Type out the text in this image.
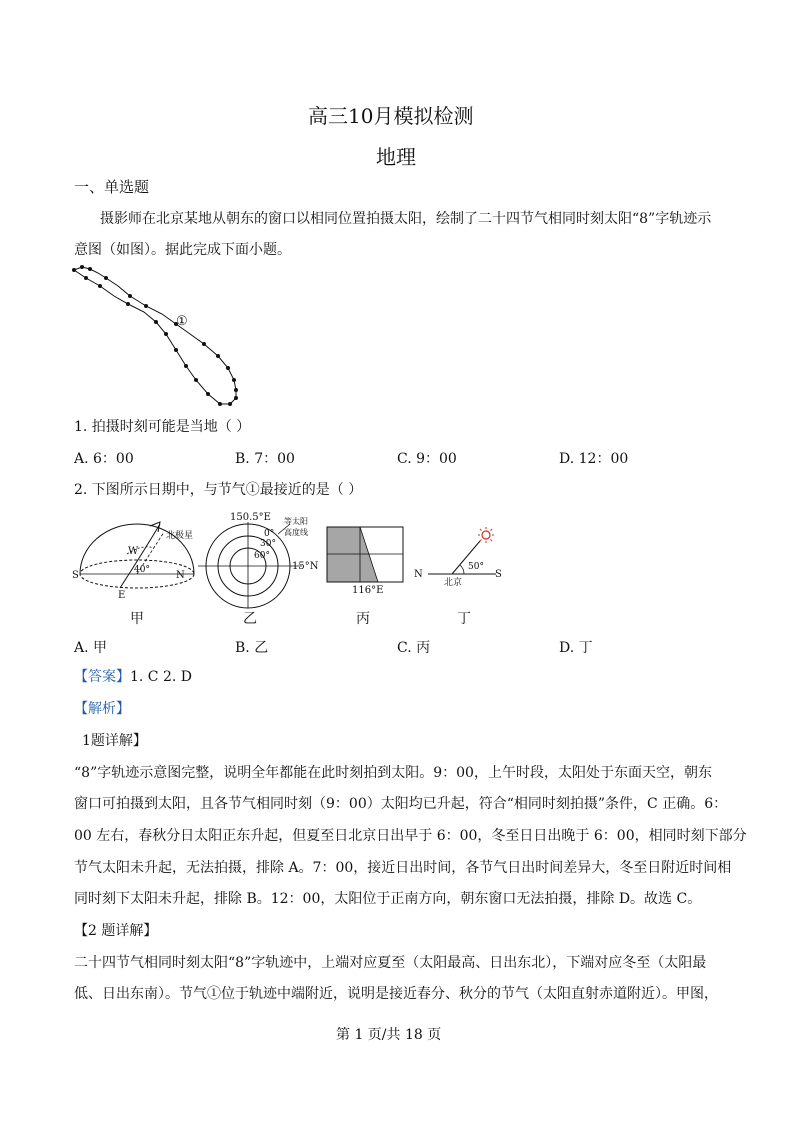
高三10月模拟检测
地理
一、单选题
摄影师在北京某地从朝东的窗口以相同位置拍摄太阳，绘制了二十四节气相同时刻太阳“8”字轨迹示
意图（如图）。据此完成下面小题。
①
1. 拍摄时刻可能是当地（ ）
A. 6：00	B. 7：00	C. 9：00	D. 12：00
2. 下图所示日期中，与节气①最接近的是（ ）
北极星
W
40°
S	N
E
甲
150.5°E 等太阳
高度线
0°
30°
60°
15°N
乙
116°E
丙
N	S
北京
50°
丁
A. 甲	B. 乙	C. 丙	D. 丁
【答案】1. C 2. D
【解析】
1题详解】
“8”字轨迹示意图完整，说明全年都能在此时刻拍到太阳。9：00，上午时段，太阳处于东面天空，朝东
窗口可拍摄到太阳，且各节气相同时刻（9：00）太阳均已升起，符合“相同时刻拍摄”条件，C 正确。6：
00 左右，春秋分日太阳正东升起，但夏至日北京日出早于 6：00，冬至日日出晚于 6：00，相同时刻下部分
节气太阳未升起，无法拍摄，排除 A。7：00，接近日出时间，各节气日出时间差异大，冬至日附近时间相
同时刻下太阳未升起，排除 B。12：00，太阳位于正南方向，朝东窗口无法拍摄，排除 D。故选 C。
【2 题详解】
二十四节气相同时刻太阳“8”字轨迹中，上端对应夏至（太阳最高、日出东北），下端对应冬至（太阳最
低、日出东南）。节气①位于轨迹中端附近，说明是接近春分、秋分的节气（太阳直射赤道附近）。甲图，
第 1 页/共 18 页
